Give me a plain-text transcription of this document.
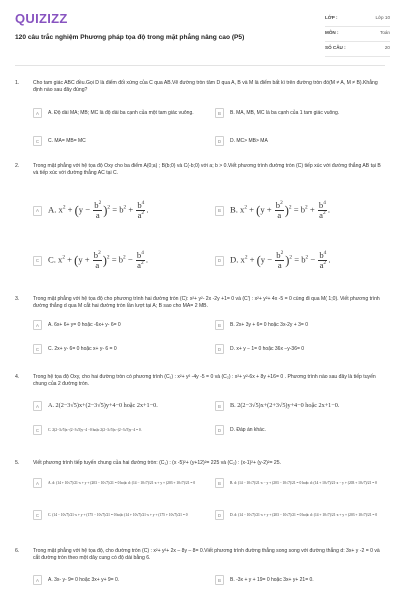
QUIZIZZ
120 câu trắc nghiệm Phương pháp tọa độ trong mặt phẳng nâng cao (P5)
LỚP :	Lớp 10
MÔN :	Toán
SỐ CÂU :	20
1.	Cho tam giác ABC đều.Gọi D là điểm đối xứng của C qua AB.Vẽ đường tròn tâm D qua A, B và M là điểm bất kì trên đường tròn đó(M ≠ A, M ≠ B).Khẳng định nào sau đây đúng?
A	A. Độ dài MA; MB; MC là độ dài ba cạnh của một tam giác vuông.	B	B. MA, MB, MC là ba cạnh của 1 tam giác vuông.
C	C. MA= MB= MC	D	D. MC> MB> MA
2.	Trong mặt phẳng với hệ tọa độ Oxy cho ba điểm A(0;a) ; B(b;0) và C(-b;0) với a; b > 0.Viết phương trình đường tròn (C) tiếp xúc với đường thẳng AB tại B và tiếp xúc với đường thẳng AC tại C.
A	A. $x^2 + (y - \frac{b^2}{a} )^2 = b^2 + \frac{b^4}{a^2}$ .	B	B. $x^2 + (y + \frac{b^2}{a} )^2 = b^2 + \frac{b^4}{a^2}$ .
C	C. $x^2 + (y + \frac{b^2}{a} )^2 = b^2 - \frac{b^4}{a^2}$ .	D	D. $x^2 + (y - \frac{b^2}{a} )^2 = b^2 - \frac{b^4}{a^2}$ .
3.	Trong mặt phẳng với hệ tọa độ cho phương trình hai đường tròn (C): x²+ y²- 2x -2y +1= 0 và (C') : x²+ y²+ 4x -5 = 0 cùng đi qua M( 1;0). Viết phương trình đường thẳng d qua M cắt hai đường tròn lần lượt tại A; B sao cho MA= 2 MB.
A	A. 6x+ 6+ y= 0 hoặc -6x+ y- 6= 0	B	B. 2x+ 3y + 6= 0 hoặc 3x-2y + 3= 0
C	C. 2x+ y- 6= 0 hoặc x+ y- 6 = 0	D	D. x+ y − 1= 0 hoặc 36x −y-36= 0
4.	Trong hệ tọa độ Oxy, cho hai đường tròn có phương trình (C₁) : x²+ y² -4y -5 = 0 và (C₂) : x²+ y²-6x + 8y +16= 0 . Phương trình nào sau đây là tiếp tuyến chung của 2 đường tròn.
A	A. 2(2−3√5)x+(2−3√5)y+4−0 hoặc 2x+1−0.	B	B. 2(2−3√5)x+(2+3√5)y+4−0 hoặc 2x+1−0.
C	C. 2(2−3√5)x−(2−3√5)y−4 −0 hoặc 2(2−3√5)x−(2−3√5)y−4 = 0.	D	D. Đáp án khác.
5.	Viết phương trình tiếp tuyến chung của hai đường tròn: (C₁) : (x -5)²+ (y+12)²= 225 và (C₂) : (x-1)²+ (y-2)²= 25.
A	A. d: (14 + 10√7)/21·x + y + (203 − 10√7)/21 = 0 hoặc d: (14 − 10√7)/21·x + y + (203 + 10√7)/21 = 0	B	B. d: (14 − 10√7)/21·x − y + (203 − 10√7)/21 = 0 hoặc d: (14 + 10√7)/21·x − y + (203 + 10√7)/21 = 0
C	C. (14 − 10√7)/21·x + y + (175 − 10√7)/21 = 0 hoặc (14 + 10√7)/21·x + y + (175 + 10√7)/21 = 0	D	D. d: (14 − 10√7)/21·x + y + (203 − 10√7)/21 = 0 hoặc d: (14 + 10√7)/21·x + y + (203 + 10√7)/21 = 0
6.	Trong mặt phẳng với hệ tọa độ, cho đường tròn (C) : x²+ y²+ 2x – 8y – 8= 0.Viết phương trình đường thẳng song song với đường thẳng d: 3x+ y -2 = 0 và cắt đường tròn theo một dây cung có độ dài bằng 6.
A	A. 3x- y- 9= 0 hoặc 3x+ y+ 9= 0.	B	B. -3x + y + 19= 0 hoặc 3x+ y+ 21= 0.
